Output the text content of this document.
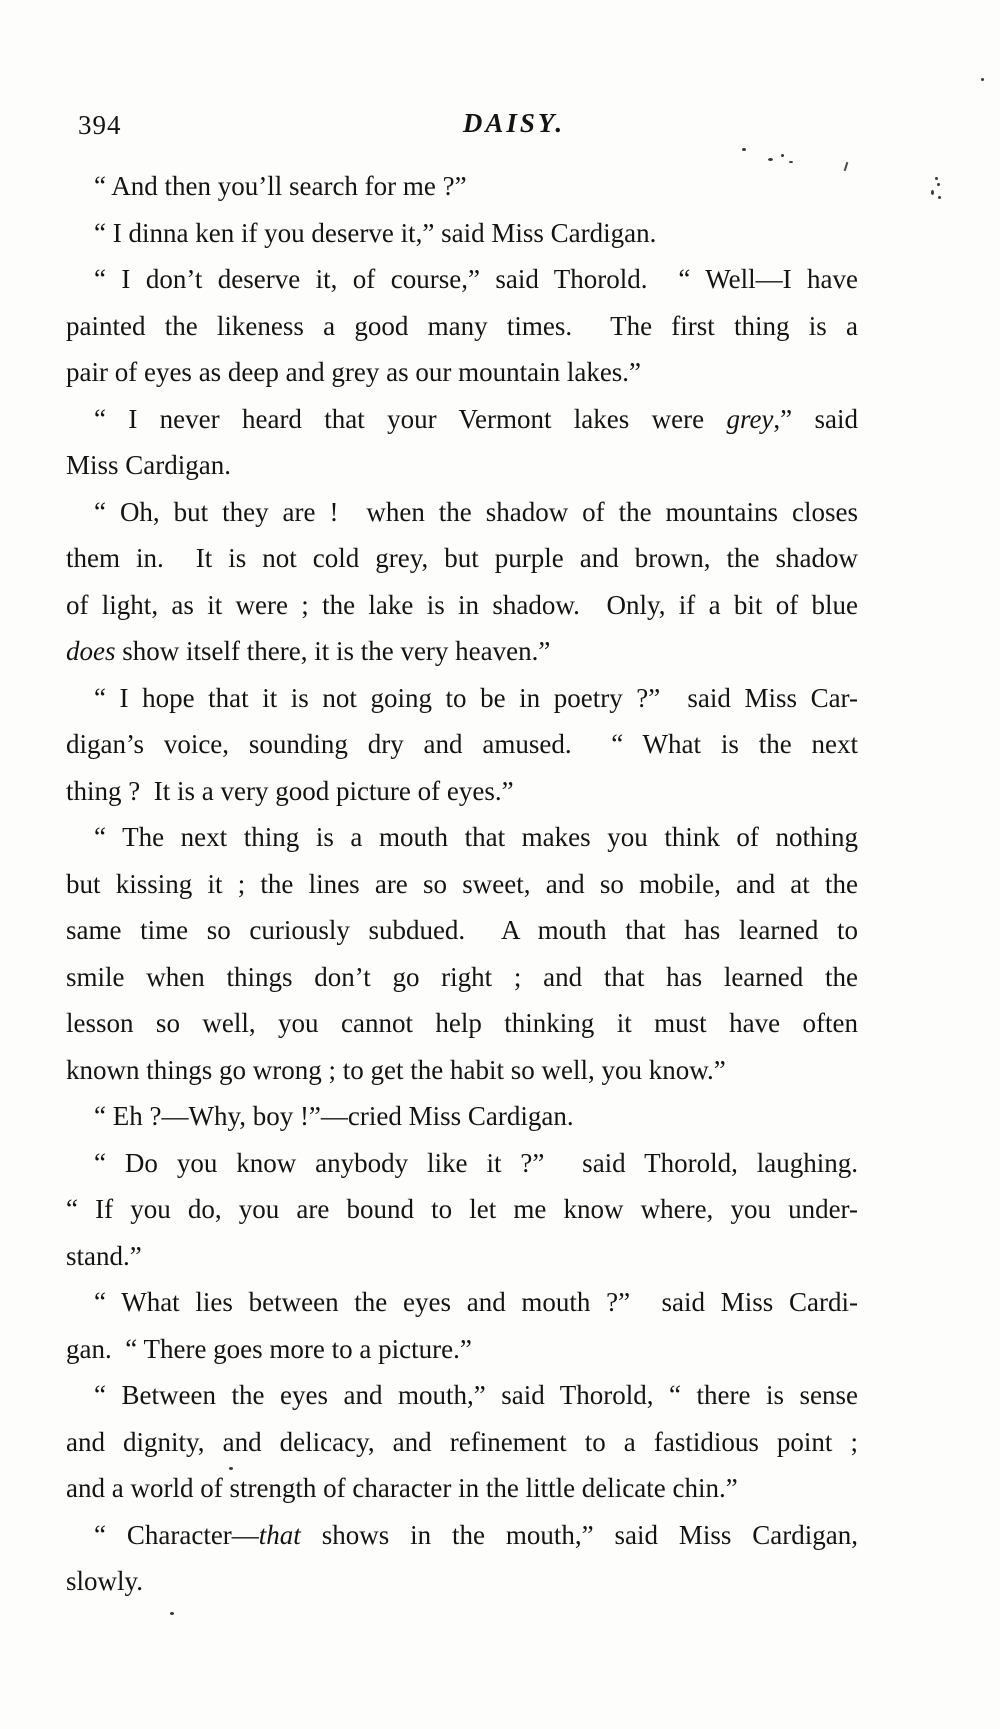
394	DAISY.
“ And then you’ll search for me ?”
“ I dinna ken if you deserve it,” said Miss Cardigan.
“ I don’t deserve it, of course,” said Thorold.  “ Well—I have
painted the likeness a good many times.  The first thing is a
pair of eyes as deep and grey as our mountain lakes.”
“ I never heard that your Vermont lakes were grey,” said
Miss Cardigan.
“ Oh, but they are !  when the shadow of the mountains closes
them in.  It is not cold grey, but purple and brown, the shadow
of light, as it were ; the lake is in shadow.  Only, if a bit of blue
does show itself there, it is the very heaven.”
“ I hope that it is not going to be in poetry ?”  said Miss Car-
digan’s voice, sounding dry and amused.  “ What is the next
thing ?  It is a very good picture of eyes.”
“ The next thing is a mouth that makes you think of nothing
but kissing it ; the lines are so sweet, and so mobile, and at the
same time so curiously subdued.  A mouth that has learned to
smile when things don’t go right ; and that has learned the
lesson so well, you cannot help thinking it must have often
known things go wrong ; to get the habit so well, you know.”
“ Eh ?—Why, boy !”—cried Miss Cardigan.
“ Do you know anybody like it ?”  said Thorold, laughing.
“ If you do, you are bound to let me know where, you under-
stand.”
“ What lies between the eyes and mouth ?”  said Miss Cardi-
gan.  “ There goes more to a picture.”
“ Between the eyes and mouth,” said Thorold, “ there is sense
and dignity, and delicacy, and refinement to a fastidious point ;
and a world of strength of character in the little delicate chin.”
“ Character—that shows in the mouth,” said Miss Cardigan,
slowly.
